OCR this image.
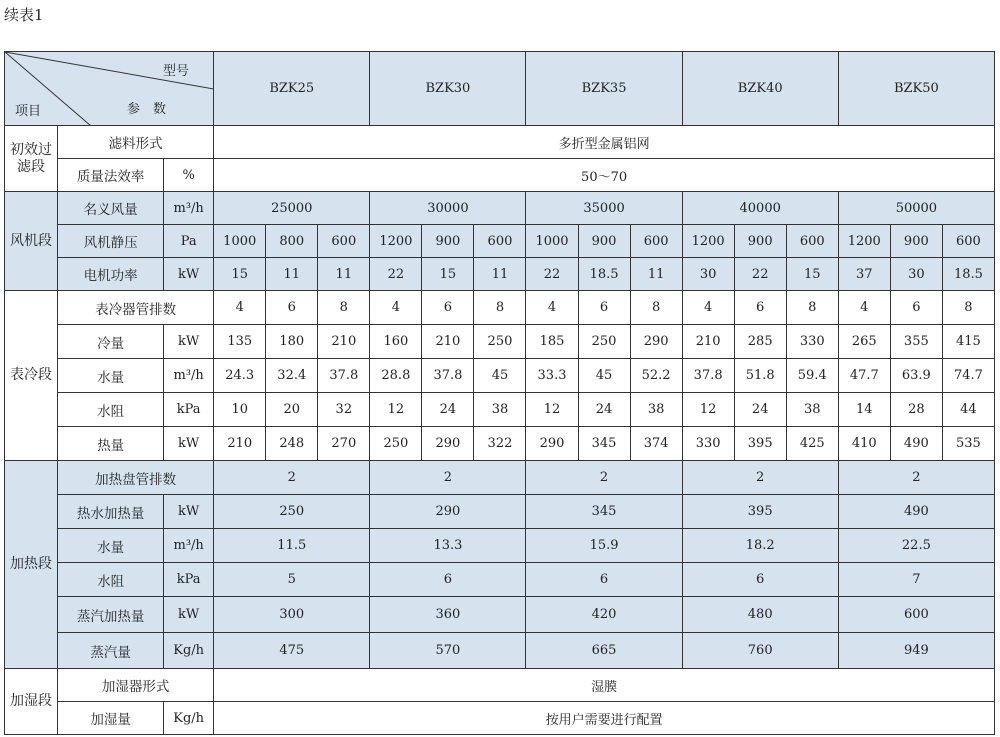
续表1
型号
项目 参　数			BZK25			BZK30			BZK35			BZK40			BZK50		
初效过滤段	滤料形式		多折型金属铝网														
	质量法效率	%	50～70														
风机段	名义风量	m³/h	25000			30000			35000			40000			50000		
	风机静压	Pa	1000	800	600	1200	900	600	1000	900	600	1200	900	600	1200	900	600
	电机功率	kW	15	11	11	22	15	11	22	18.5	11	30	22	15	37	30	18.5
表冷段	表冷器管排数		4	6	8	4	6	8	4	6	8	4	6	8	4	6	8
	冷量	kW	135	180	210	160	210	250	185	250	290	210	285	330	265	355	415
	水量	m³/h	24.3	32.4	37.8	28.8	37.8	45	33.3	45	52.2	37.8	51.8	59.4	47.7	63.9	74.7
	水阻	kPa	10	20	32	12	24	38	12	24	38	12	24	38	14	28	44
	热量	kW	210	248	270	250	290	322	290	345	374	330	395	425	410	490	535
加热段	加热盘管排数		2			2			2			2			2		
	热水加热量	kW	250			290			345			395			490		
	水量	m³/h	11.5			13.3			15.9			18.2			22.5		
	水阻	kPa	5			6			6			6			7		
	蒸汽加热量	kW	300			360			420			480			600		
	蒸汽量	Kg/h	475			570			665			760			949		
加湿段	加湿器形式		湿膜														
	加湿量	Kg/h	按用户需要进行配置														
